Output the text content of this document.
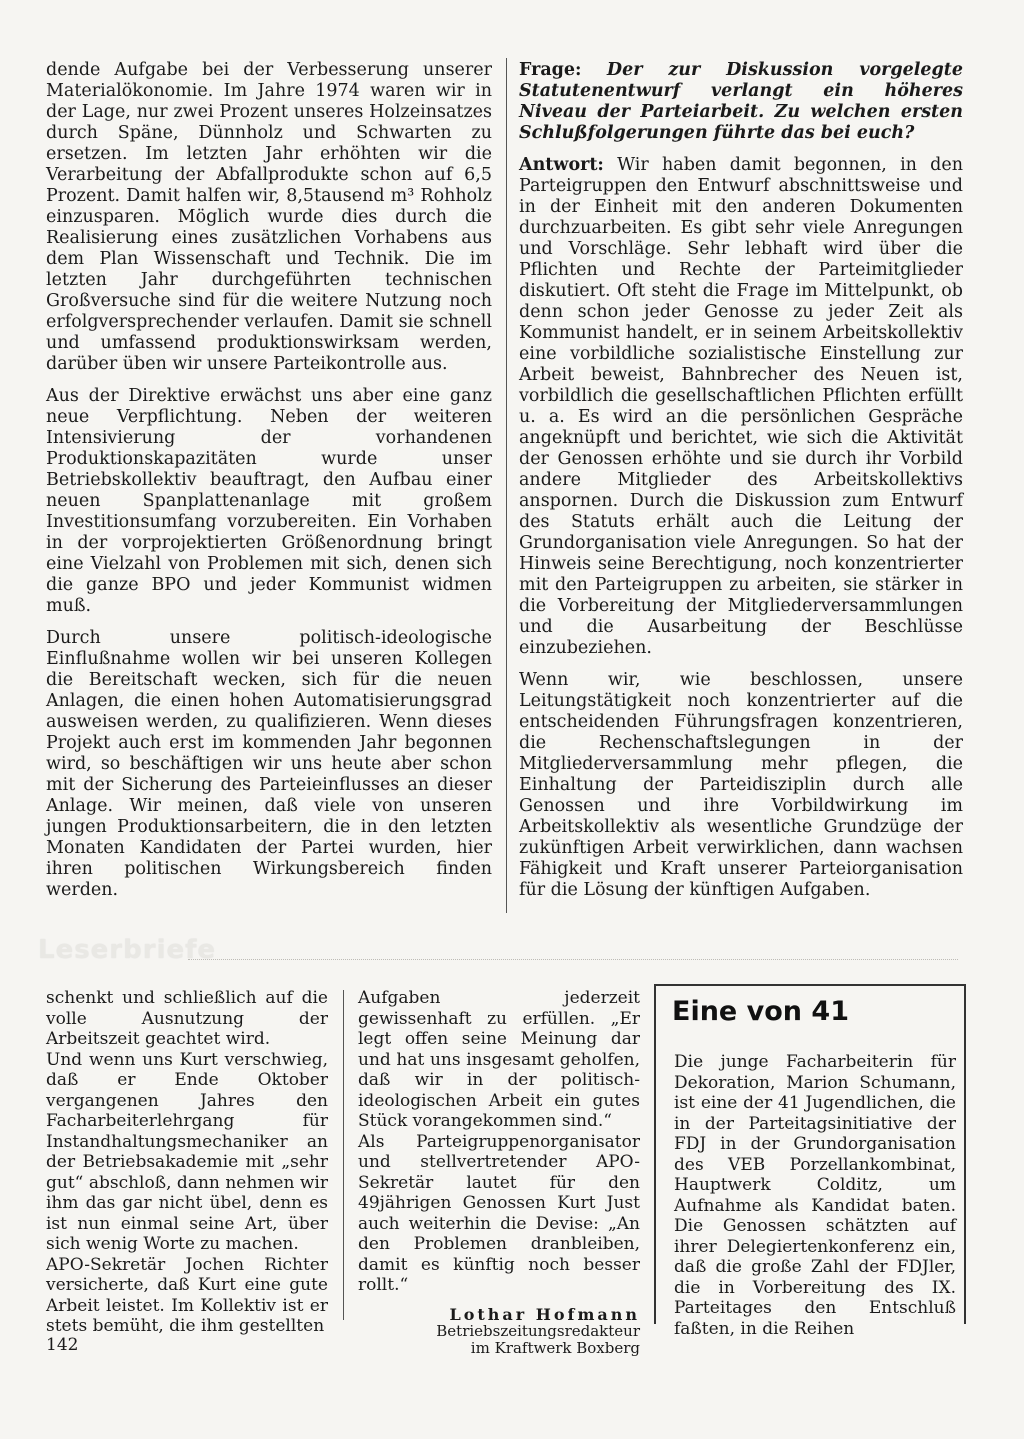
dende Aufgabe bei der Verbesserung unserer Materialökonomie. Im Jahre 1974 waren wir in der Lage, nur zwei Prozent unseres Holzeinsatzes durch Späne, Dünnholz und Schwarten zu ersetzen. Im letzten Jahr erhöhten wir die Verarbeitung der Abfallprodukte schon auf 6,5 Prozent. Damit halfen wir, 8,5tausend m³ Rohholz einzusparen. Möglich wurde dies durch die Realisierung eines zusätzlichen Vorhabens aus dem Plan Wissenschaft und Technik. Die im letzten Jahr durchgeführten technischen Großversuche sind für die weitere Nutzung noch erfolgversprechender verlaufen. Damit sie schnell und umfassend produktionswirksam werden, darüber üben wir unsere Parteikontrolle aus.

Aus der Direktive erwächst uns aber eine ganz neue Verpflichtung. Neben der weiteren Intensivierung der vorhandenen Produktionskapazitäten wurde unser Betriebskollektiv beauftragt, den Aufbau einer neuen Spanplattenanlage mit großem Investitionsumfang vorzubereiten. Ein Vorhaben in der vorprojektierten Größenordnung bringt eine Vielzahl von Problemen mit sich, denen sich die ganze BPO und jeder Kommunist widmen muß.

Durch unsere politisch-ideologische Einflußnahme wollen wir bei unseren Kollegen die Bereitschaft wecken, sich für die neuen Anlagen, die einen hohen Automatisierungsgrad ausweisen werden, zu qualifizieren. Wenn dieses Projekt auch erst im kommenden Jahr begonnen wird, so beschäftigen wir uns heute aber schon mit der Sicherung des Parteieinflusses an dieser Anlage. Wir meinen, daß viele von unseren jungen Produktionsarbeitern, die in den letzten Monaten Kandidaten der Partei wurden, hier ihren politischen Wirkungsbereich finden werden.

Frage: Der zur Diskussion vorgelegte Statutenentwurf verlangt ein höheres Niveau der Parteiarbeit. Zu welchen ersten Schlußfolgerungen führte das bei euch?

Antwort: Wir haben damit begonnen, in den Parteigruppen den Entwurf abschnittsweise und in der Einheit mit den anderen Dokumenten durchzuarbeiten. Es gibt sehr viele Anregungen und Vorschläge. Sehr lebhaft wird über die Pflichten und Rechte der Parteimitglieder diskutiert. Oft steht die Frage im Mittelpunkt, ob denn schon jeder Genosse zu jeder Zeit als Kommunist handelt, er in seinem Arbeitskollektiv eine vorbildliche sozialistische Einstellung zur Arbeit beweist, Bahnbrecher des Neuen ist, vorbildlich die gesellschaftlichen Pflichten erfüllt u. a. Es wird an die persönlichen Gespräche angeknüpft und berichtet, wie sich die Aktivität der Genossen erhöhte und sie durch ihr Vorbild andere Mitglieder des Arbeitskollektivs anspornen. Durch die Diskussion zum Entwurf des Statuts erhält auch die Leitung der Grundorganisation viele Anregungen. So hat der Hinweis seine Berechtigung, noch konzentrierter mit den Parteigruppen zu arbeiten, sie stärker in die Vorbereitung der Mitgliederversammlungen und die Ausarbeitung der Beschlüsse einzubeziehen.

Wenn wir, wie beschlossen, unsere Leitungstätigkeit noch konzentrierter auf die entscheidenden Führungsfragen konzentrieren, die Rechenschaftslegungen in der Mitgliederversammlung mehr pflegen, die Einhaltung der Parteidisziplin durch alle Genossen und ihre Vorbildwirkung im Arbeitskollektiv als wesentliche Grundzüge der zukünftigen Arbeit verwirklichen, dann wachsen Fähigkeit und Kraft unserer Parteiorganisation für die Lösung der künftigen Aufgaben.

Leserbriefe

schenkt und schließlich auf die volle Ausnutzung der Arbeitszeit geachtet wird.

Und wenn uns Kurt verschwieg, daß er Ende Oktober vergangenen Jahres den Facharbeiterlehrgang für Instandhaltungsmechaniker an der Betriebsakademie mit „sehr gut“ abschloß, dann nehmen wir ihm das gar nicht übel, denn es ist nun einmal seine Art, über sich wenig Worte zu machen.

APO-Sekretär Jochen Richter versicherte, daß Kurt eine gute Arbeit leistet. Im Kollektiv ist er stets bemüht, die ihm gestellten

Aufgaben jederzeit gewissenhaft zu erfüllen. „Er legt offen seine Meinung dar und hat uns insgesamt geholfen, daß wir in der politisch-ideologischen Arbeit ein gutes Stück vorangekommen sind.“

Als Parteigruppenorganisator und stellvertretender APO-Sekretär lautet für den 49jährigen Genossen Kurt Just auch weiterhin die Devise: „An den Problemen dranbleiben, damit es künftig noch besser rollt.“

Lothar Hofmann
Betriebszeitungsredakteur
im Kraftwerk Boxberg
Eine von 41

Die junge Facharbeiterin für Dekoration, Marion Schumann, ist eine der 41 Jugendlichen, die in der Parteitagsinitiative der FDJ in der Grundorganisation des VEB Porzellankombinat, Hauptwerk Colditz, um Aufnahme als Kandidat baten. Die Genossen schätzten auf ihrer Delegiertenkonferenz ein, daß die große Zahl der FDJler, die in Vorbereitung des IX. Parteitages den Entschluß faßten, in die Reihen

142
